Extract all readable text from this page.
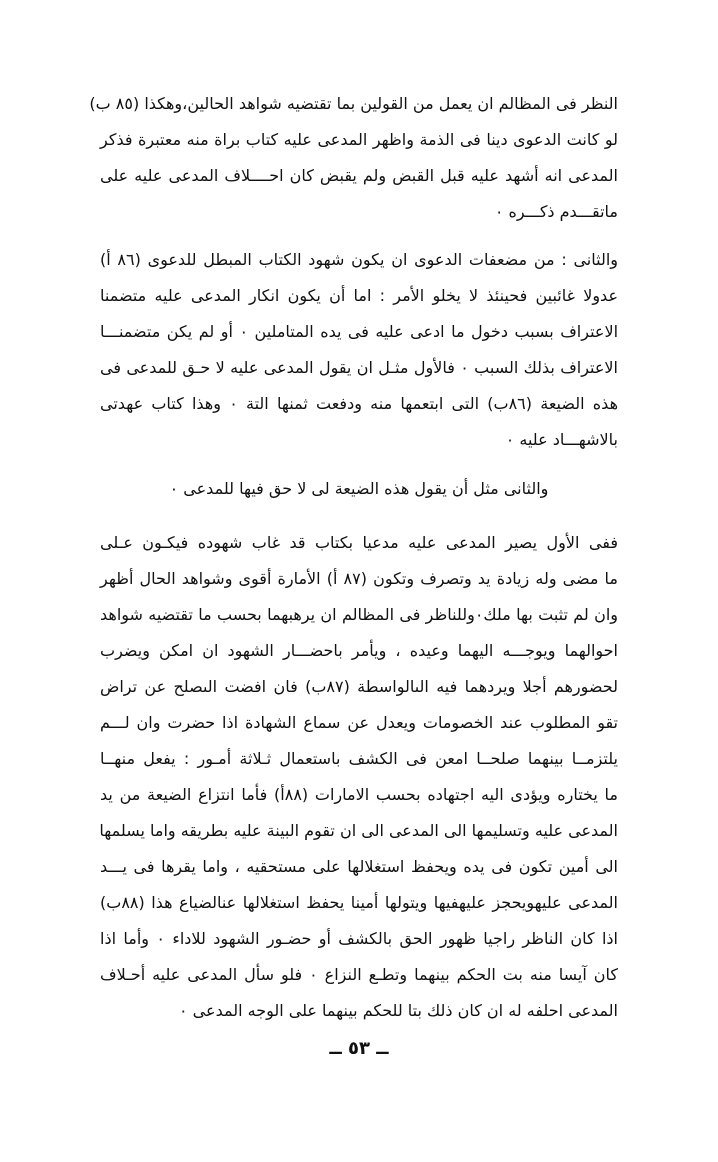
النظر فى المظالم ان يعمل من القولين بما تقتضيه شواهد الحالين،وهكذا (٨٥ ب)
لو كانت الدعوى دينا فى الذمة واظهر المدعى عليه كتاب براة منه معتبرة فذكر
المدعى انه أشهد عليه قبل القبض ولم يقبض كان احــــلاف المدعى عليه على
ماتقـــدم ذكـــره ٠
والثانى : من مضعفات الدعوى ان يكون شهود الكتاب المبطل للدعوى (٨٦ أ)
عدولا غائبين فحينئذ لا يخلو الأمر : اما أن يكون انكار المدعى عليه متضمنا
الاعتراف بسبب دخول ما ادعى عليه فى يده المتاملين ٠ أو لم يكن متضمنـــا
الاعتراف بذلك السبب ٠ فالأول مثـل ان يقول المدعى عليه لا حـق للمدعى فى
هذه الضيعة (٨٦ب) التى ابتعمها منه ودفعت ثمنها التة ٠ وهذا كتاب عهدتى
بالاشهـــاد عليه ٠
والثانى مثل أن يقول هذه الضيعة لى لا حق فيها للمدعى ٠
ففى الأول يصير المدعى عليه مدعيا بكتاب قد غاب شهوده فيكـون عـلى
ما مضى وله زيادة يد وتصرف وتكون (٨٧ أ) الأمارة أقوى وشواهد الحال أظهر
وان لم تثبت بها ملك٠وللناظر فى المظالم ان يرهبهما بحسب ما تقتضيه شواهد
احوالهما ويوجـــه اليهما وعيده ، ويأمر باحضـــار الشهود ان امكن ويضرب
لحضورهم أجلا ويردهما فيه الىالواسطة (٨٧ب) فان افضت الىصلح عن تراض
تقو المطلوب عند الخصومات ويعدل عن سماع الشهادة اذا حضرت وان لـــم
يلتزمــا بينهما صلحــا امعن فى الكشف باستعمال ثـلاثة أمـور : يفعل منهــا
ما يختاره ويؤدى اليه اجتهاده بحسب الامارات (٨٨أ) فأما انتزاع الضيعة من يد
المدعى عليه وتسليمها الى المدعى الى ان تقوم البينة عليه بطريقه واما يسلمها
الى أمين تكون فى يده ويحفظ استغلالها على مستحقيه ، واما يقرها فى يـــد
المدعى عليهويحجز عليهفيها ويتولها أمينا يحفظ استغلالها عنالضياع هذا (٨٨ب)
اذا كان الناظر راجيا ظهور الحق بالكشف أو حضـور الشهود للاداء ٠ وأما اذا
كان آيسا منه بت الحكم بينهما وتطـع النزاع ٠ فلو سأل المدعى عليه أحـلاف
المدعى احلفه له ان كان ذلك بتا للحكم بينهما على الوجه المدعى ٠
ــ ٥٣ ــ
